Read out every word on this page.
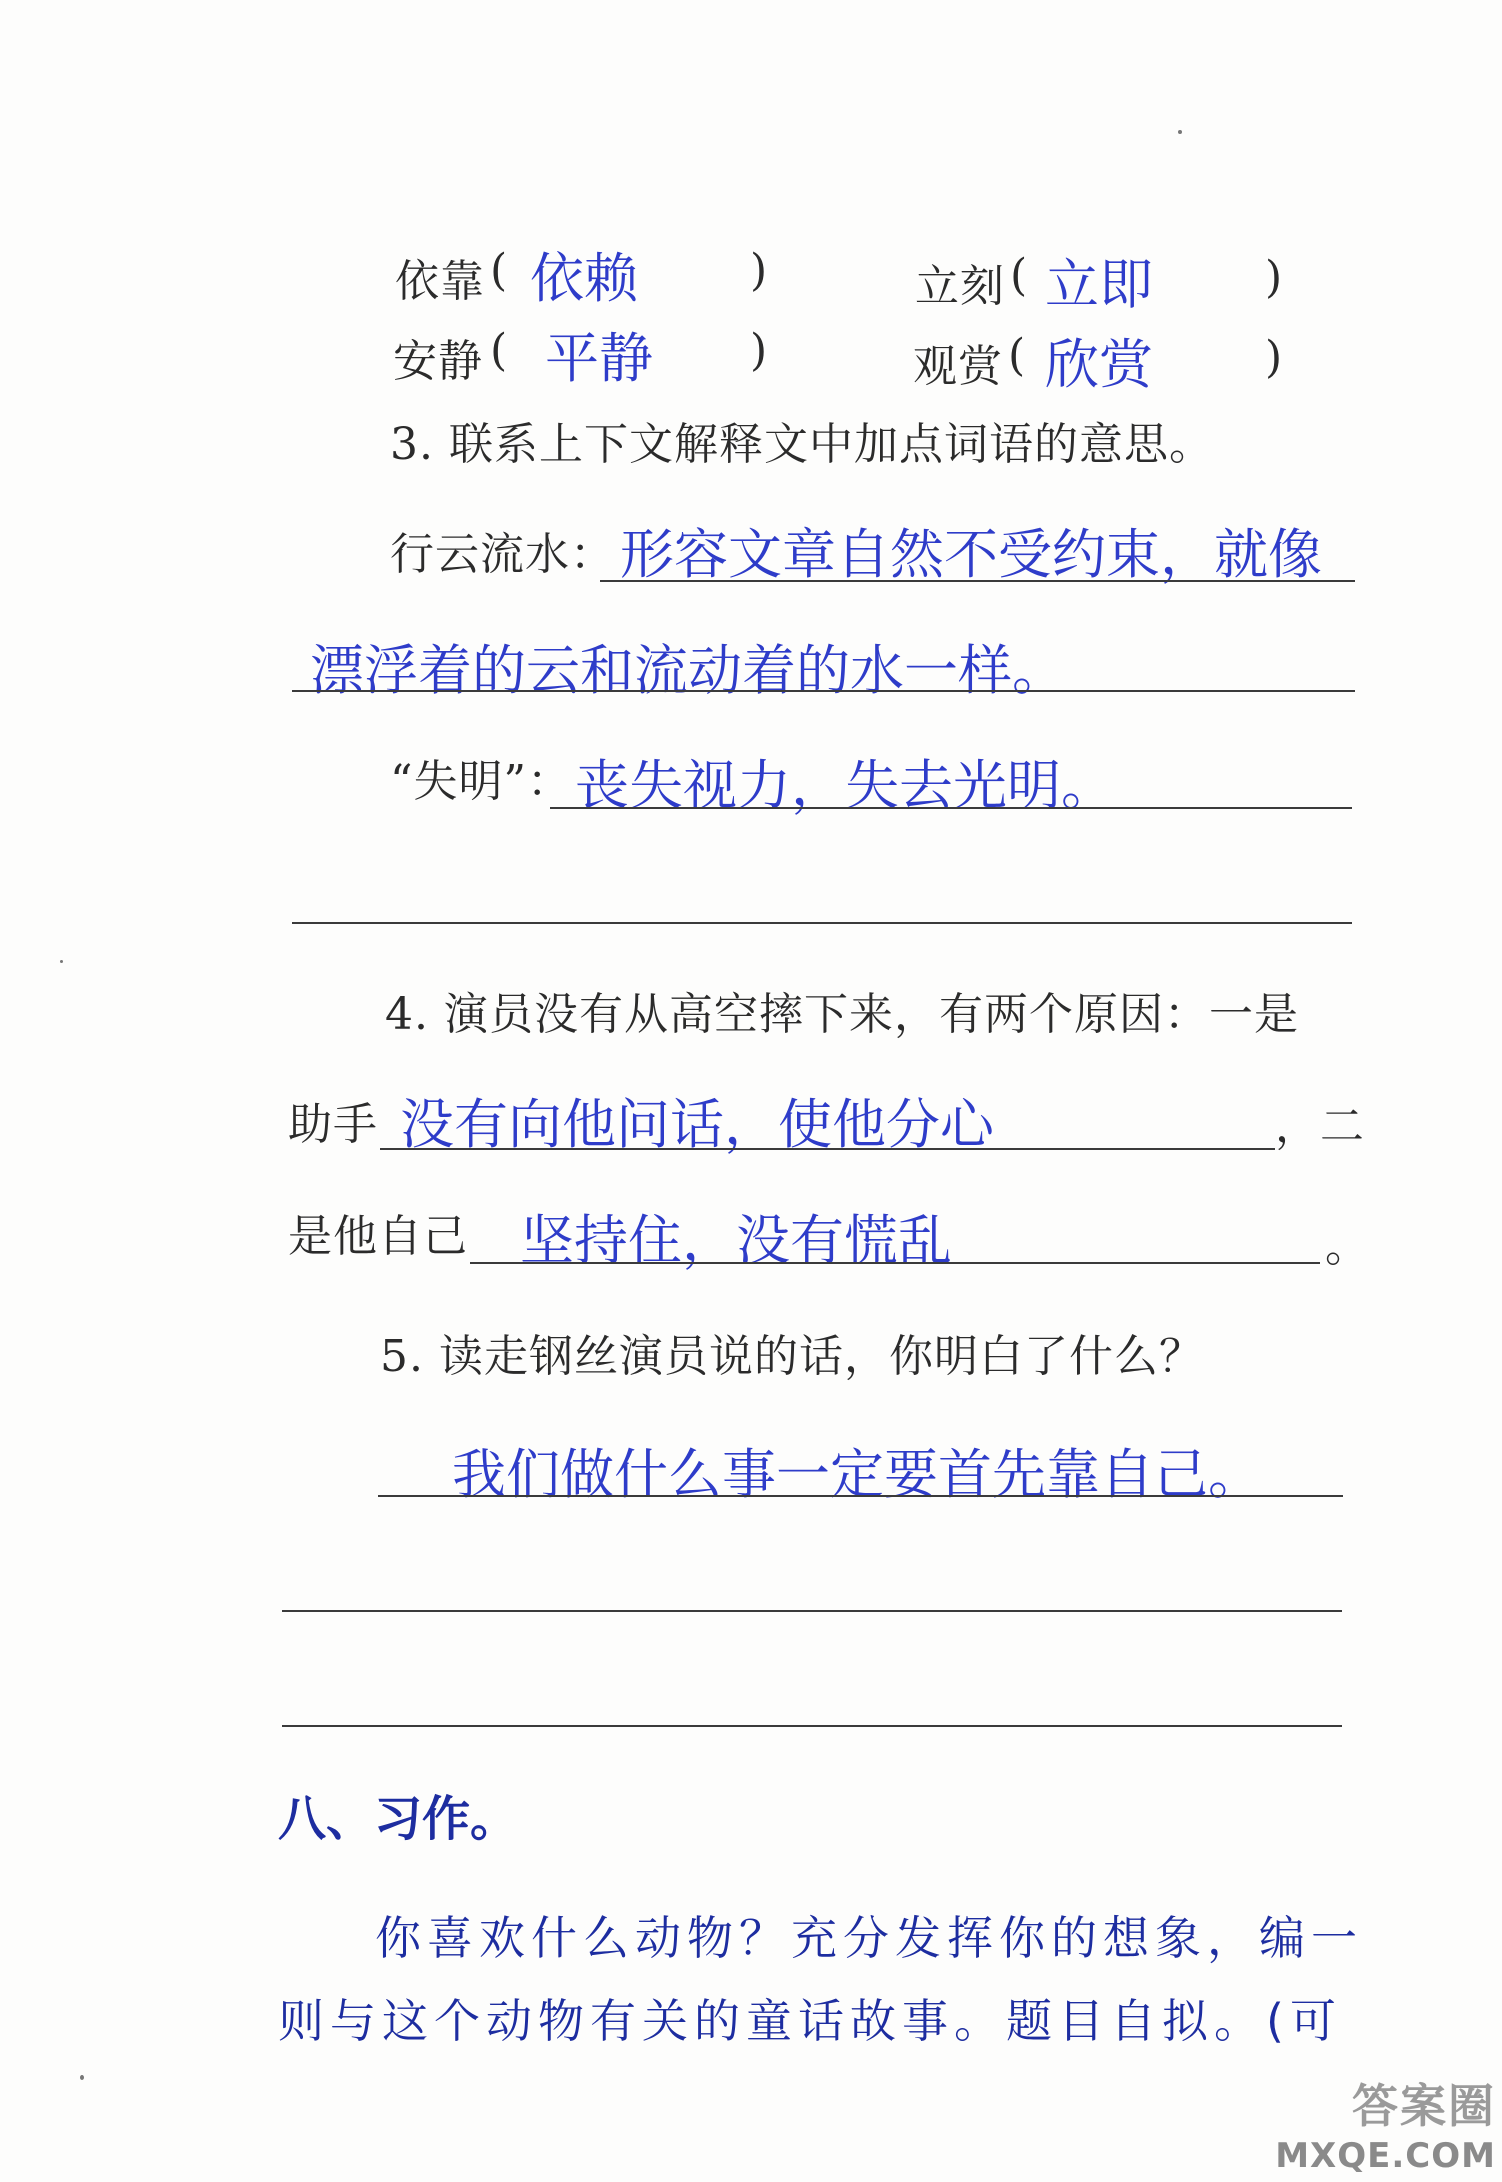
依靠 ( 依赖	)	立刻 ( 立即	)
安静 ( 平静 )	观赏 ( 欣赏	)
3. 联系上下文解释文中加点词语的意思。
行云流水： 形容文章自然不受约束，就像
漂浮着的云和流动着的水一样。
“失明”： 丧失视力，失去光明。
4. 演员没有从高空摔下来，有两个原因：一是
助手 没有向他问话，使他分心	，二
是他自己 坚持住，没有慌乱	。
5. 读走钢丝演员说的话，你明白了什么？
我们做什么事一定要首先靠自己。
八、习作。
你喜欢什么动物？充分发挥你的想象，编一
则与这个动物有关的童话故事。题目自拟。(可
答案圈
MXQE.COM
